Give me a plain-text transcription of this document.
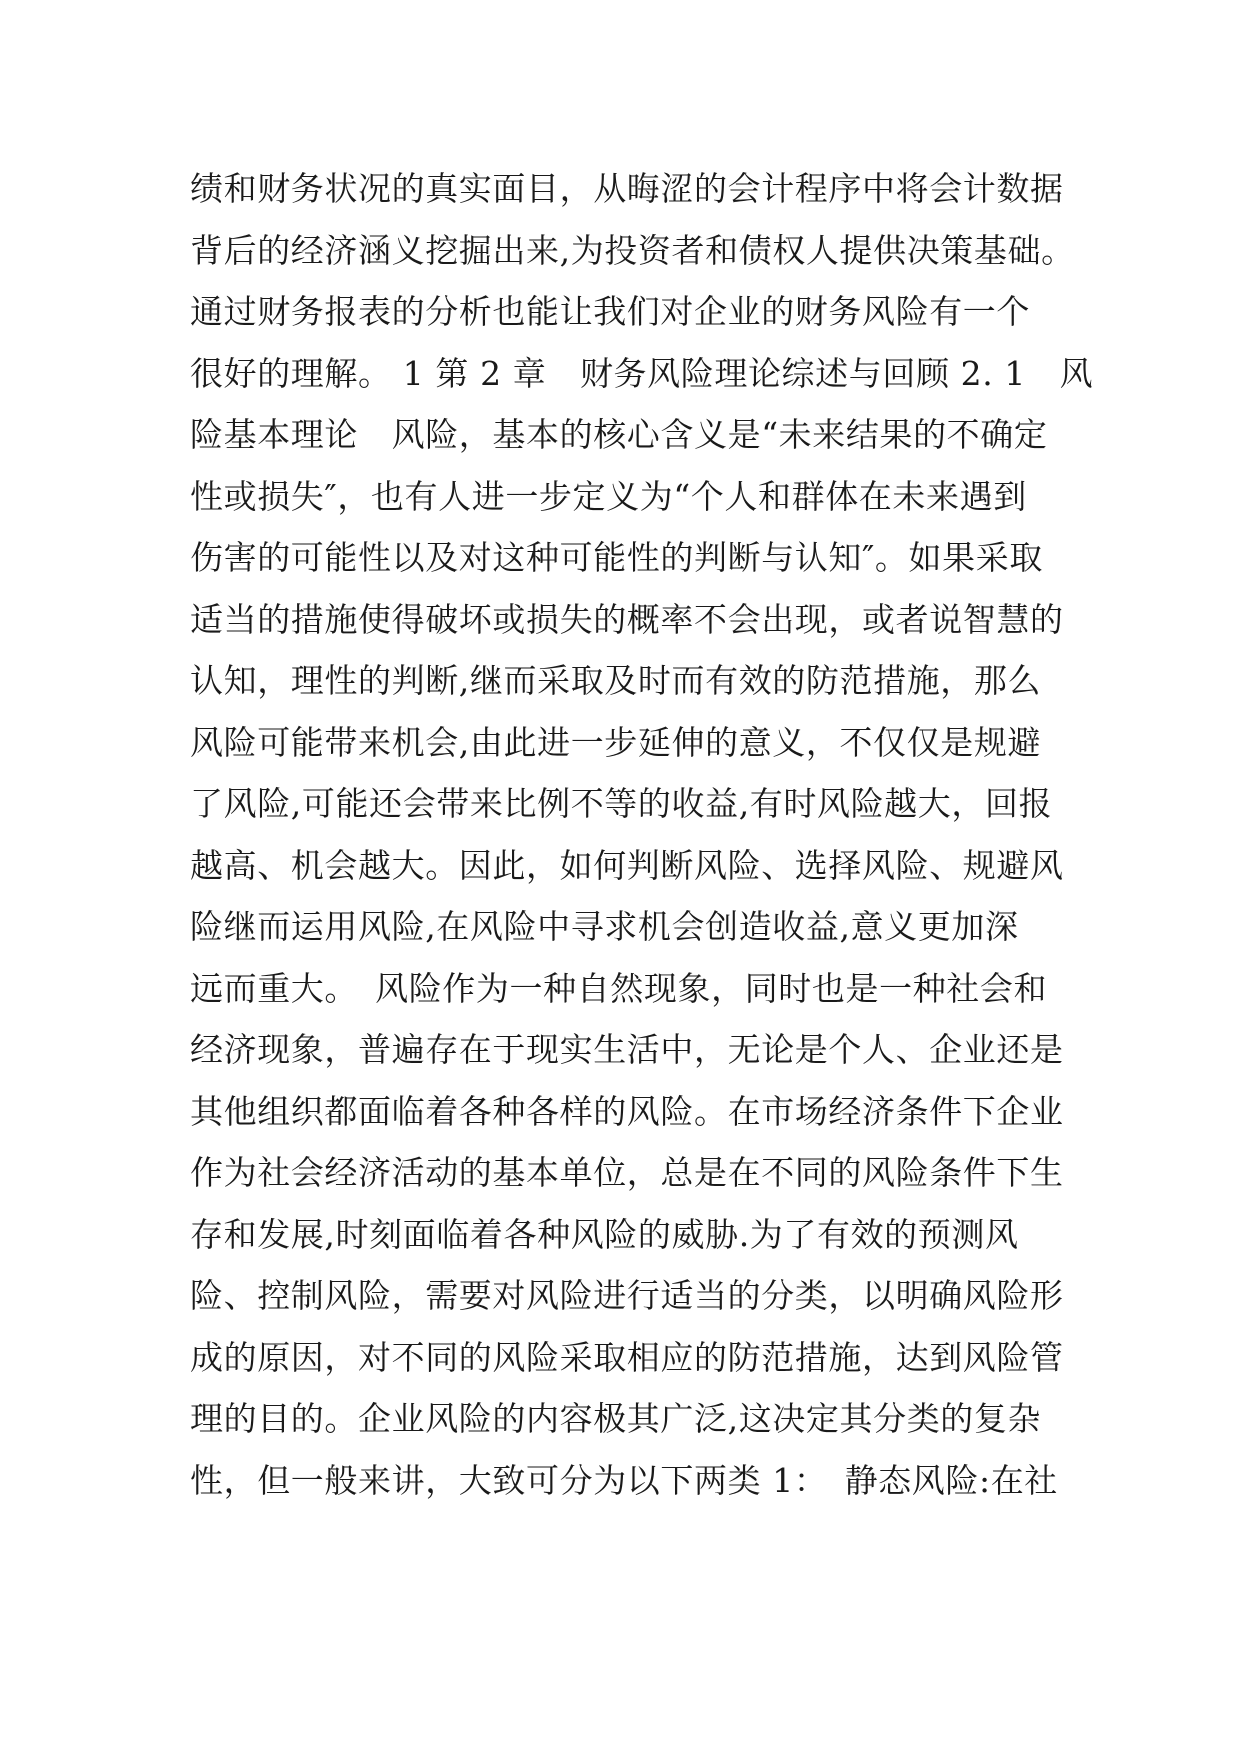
绩和财务状况的真实面目，从晦涩的会计程序中将会计数据
背后的经济涵义挖掘出来,为投资者和债权人提供决策基础。
通过财务报表的分析也能让我们对企业的财务风险有一个
很好的理解。 1 第 2 章　财务风险理论综述与回顾 2. 1　风
险基本理论　风险，基本的核心含义是“未来结果的不确定
性或损失″，也有人进一步定义为“个人和群体在未来遇到
伤害的可能性以及对这种可能性的判断与认知″。如果采取
适当的措施使得破坏或损失的概率不会出现，或者说智慧的
认知，理性的判断,继而采取及时而有效的防范措施，那么
风险可能带来机会,由此进一步延伸的意义，不仅仅是规避
了风险,可能还会带来比例不等的收益,有时风险越大，回报
越高、机会越大。因此，如何判断风险、选择风险、规避风
险继而运用风险,在风险中寻求机会创造收益,意义更加深
远而重大。　风险作为一种自然现象，同时也是一种社会和
经济现象，普遍存在于现实生活中，无论是个人、企业还是
其他组织都面临着各种各样的风险。在市场经济条件下企业
作为社会经济活动的基本单位，总是在不同的风险条件下生
存和发展,时刻面临着各种风险的威胁.为了有效的预测风
险、控制风险，需要对风险进行适当的分类，以明确风险形
成的原因，对不同的风险采取相应的防范措施，达到风险管
理的目的。企业风险的内容极其广泛,这决定其分类的复杂
性，但一般来讲，大致可分为以下两类 1：　静态风险:在社
